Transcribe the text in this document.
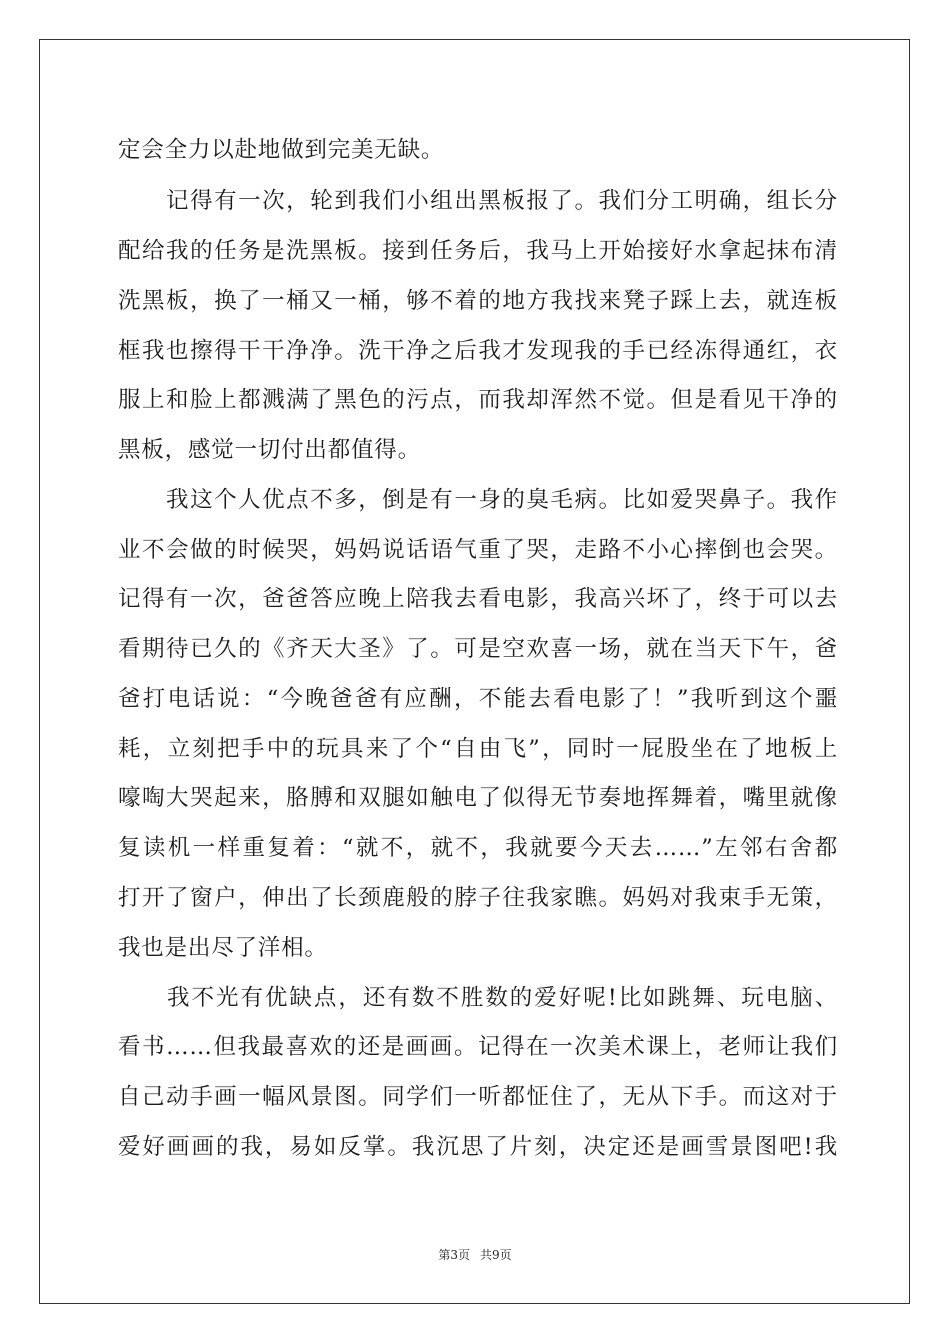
定会全力以赴地做到完美无缺。
　　记得有一次，轮到我们小组出黑板报了。我们分工明确，组长分
配给我的任务是洗黑板。接到任务后，我马上开始接好水拿起抹布清
洗黑板，换了一桶又一桶，够不着的地方我找来凳子踩上去，就连板
框我也擦得干干净净。洗干净之后我才发现我的手已经冻得通红，衣
服上和脸上都溅满了黑色的污点，而我却浑然不觉。但是看见干净的
黑板，感觉一切付出都值得。
　　我这个人优点不多，倒是有一身的臭毛病。比如爱哭鼻子。我作
业不会做的时候哭，妈妈说话语气重了哭，走路不小心摔倒也会哭。
记得有一次，爸爸答应晚上陪我去看电影，我高兴坏了，终于可以去
看期待已久的《齐天大圣》了。可是空欢喜一场，就在当天下午，爸
爸打电话说：“今晚爸爸有应酬，不能去看电影了！”我听到这个噩
耗，立刻把手中的玩具来了个“自由飞”，同时一屁股坐在了地板上
嚎啕大哭起来，胳膊和双腿如触电了似得无节奏地挥舞着，嘴里就像
复读机一样重复着：“就不，就不，我就要今天去……”左邻右舍都
打开了窗户，伸出了长颈鹿般的脖子往我家瞧。妈妈对我束手无策，
我也是出尽了洋相。
　　我不光有优缺点，还有数不胜数的爱好呢!比如跳舞、玩电脑、
看书……但我最喜欢的还是画画。记得在一次美术课上，老师让我们
自己动手画一幅风景图。同学们一听都怔住了，无从下手。而这对于
爱好画画的我，易如反掌。我沉思了片刻，决定还是画雪景图吧!我
第3页 共9页
